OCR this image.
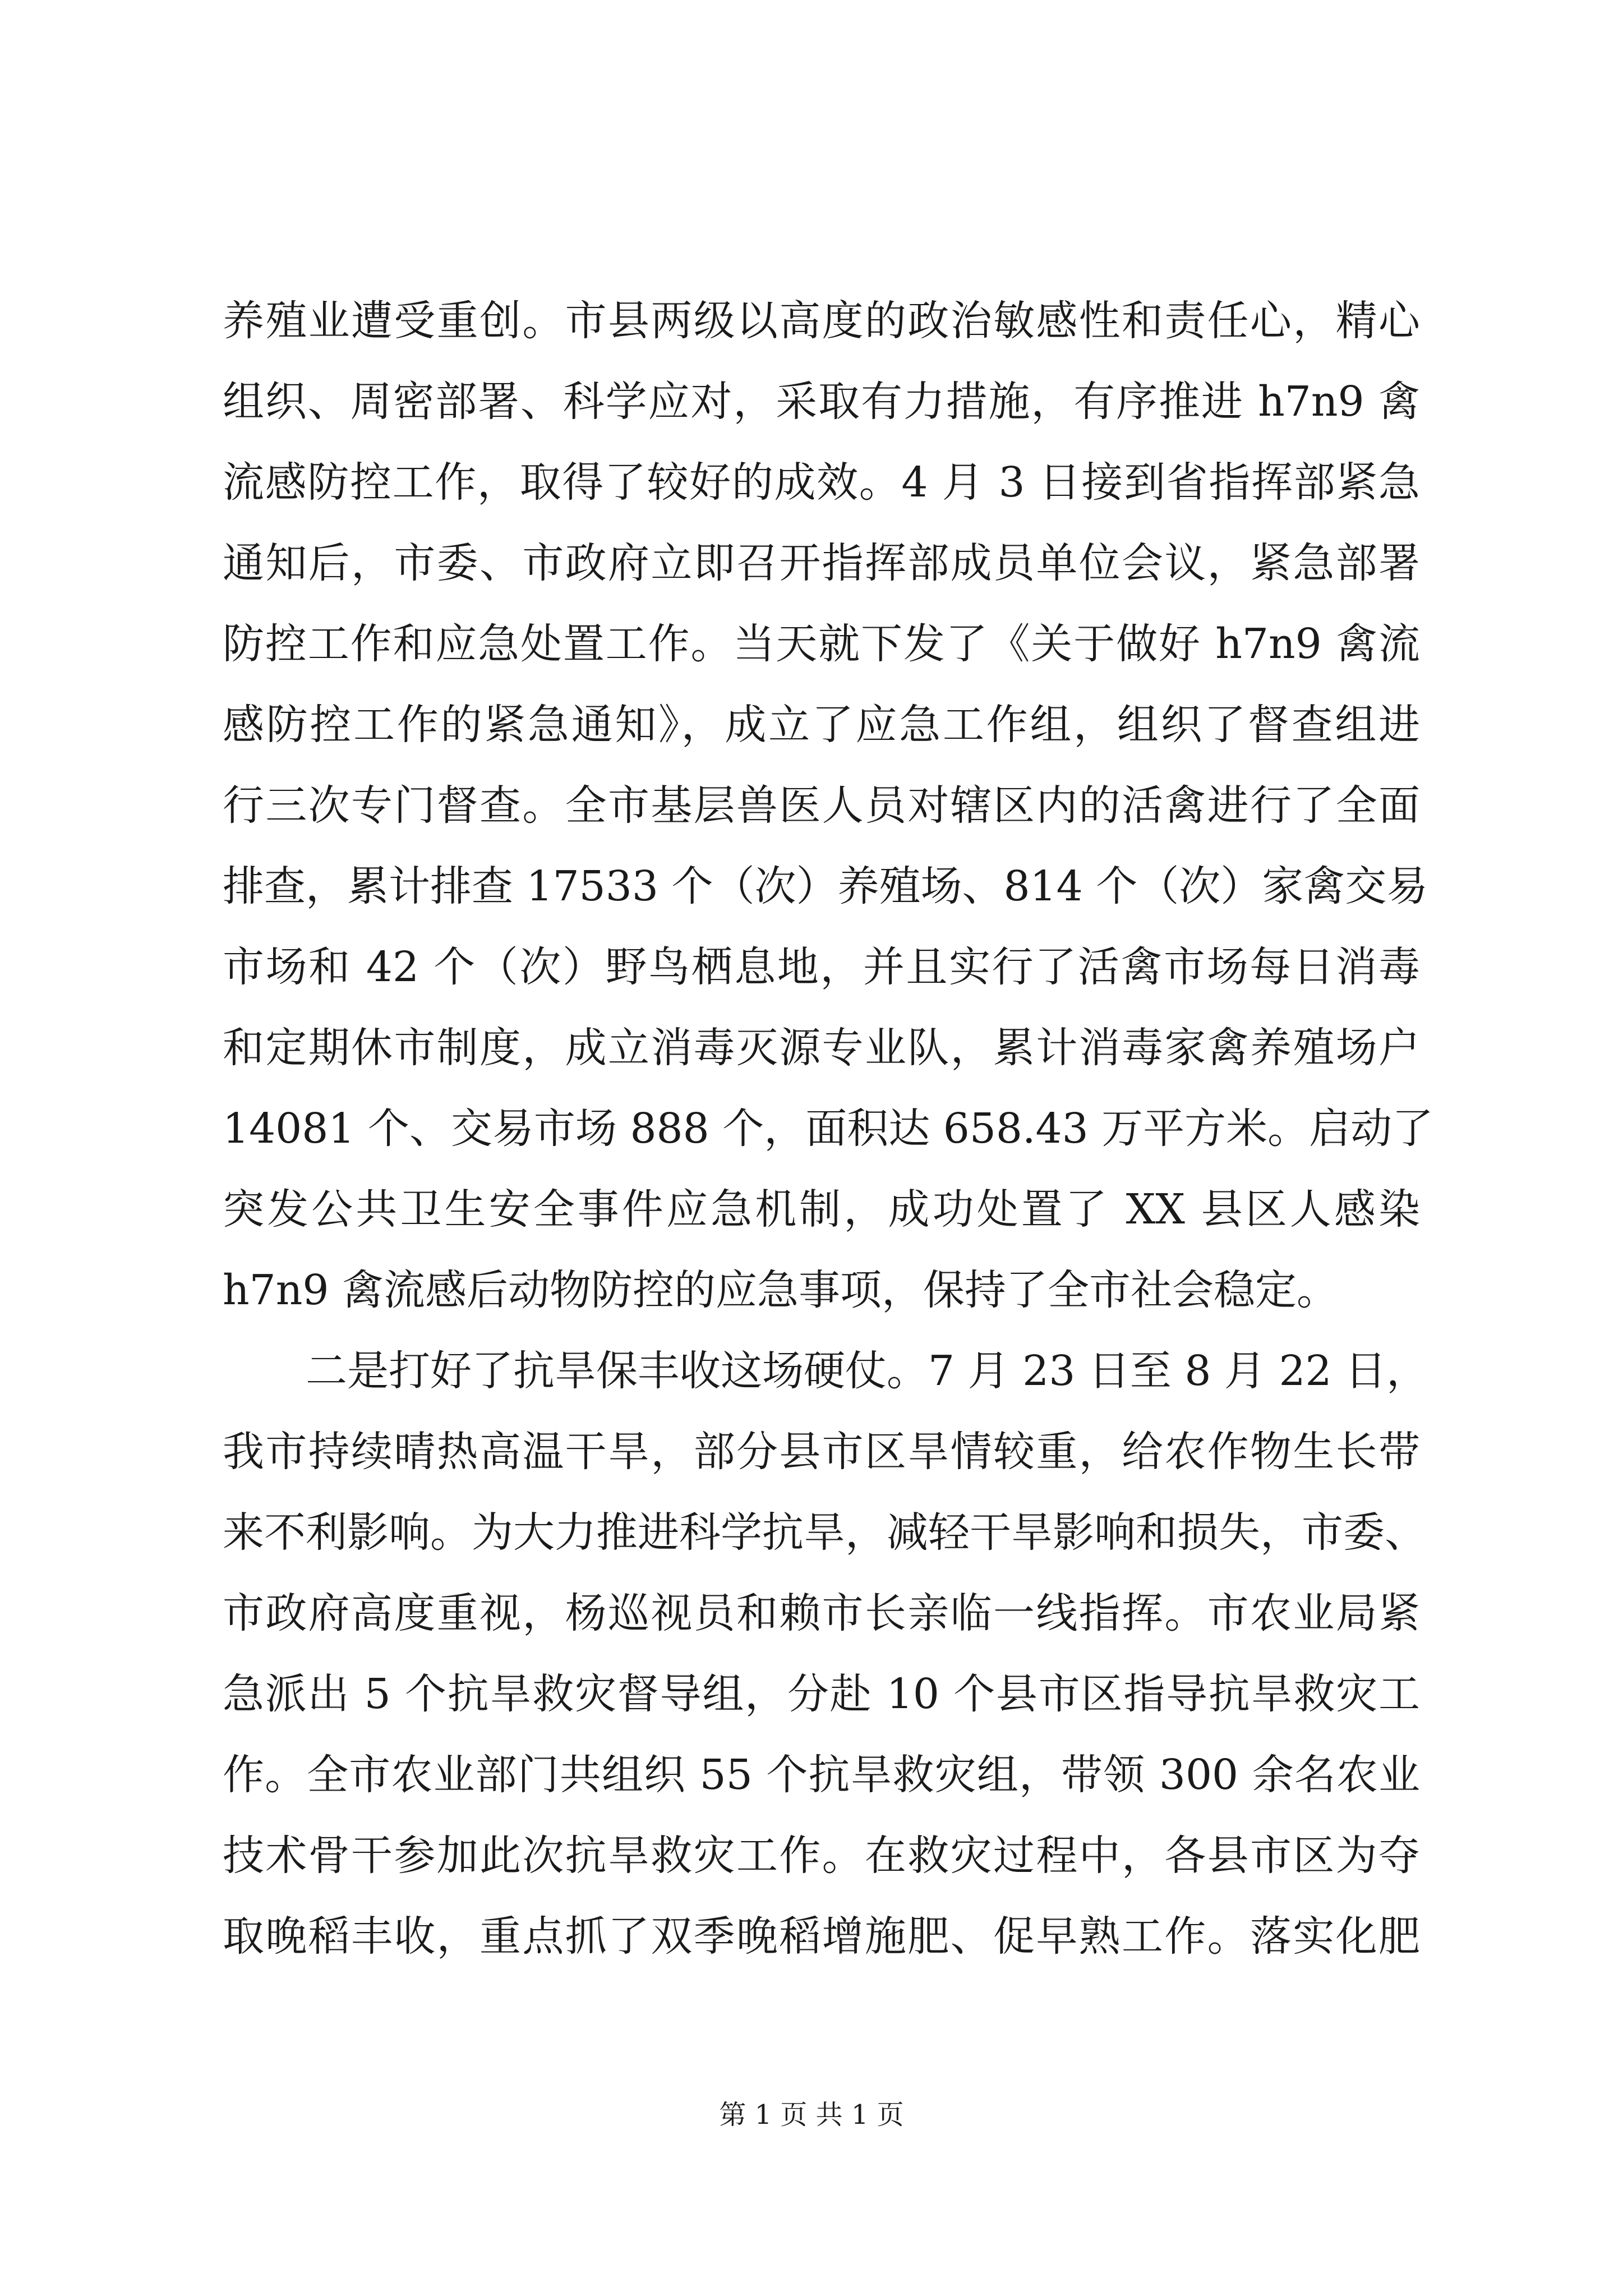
养殖业遭受重创。市县两级以高度的政治敏感性和责任心，精心
组织、周密部署、科学应对，采取有力措施，有序推进 h7n9 禽
流感防控工作，取得了较好的成效。4 月 3 日接到省指挥部紧急
通知后，市委、市政府立即召开指挥部成员单位会议，紧急部署
防控工作和应急处置工作。当天就下发了《关于做好 h7n9 禽流
感防控工作的紧急通知》，成立了应急工作组，组织了督查组进
行三次专门督查。全市基层兽医人员对辖区内的活禽进行了全面
排查，累计排查 17533 个（次）养殖场、814 个（次）家禽交易
市场和 42 个（次）野鸟栖息地，并且实行了活禽市场每日消毒
和定期休市制度，成立消毒灭源专业队，累计消毒家禽养殖场户
14081 个、交易市场 888 个，面积达 658.43 万平方米。启动了
突发公共卫生安全事件应急机制，成功处置了 XX 县区人感染
h7n9 禽流感后动物防控的应急事项，保持了全市社会稳定。
二是打好了抗旱保丰收这场硬仗。7 月 23 日至 8 月 22 日，
我市持续晴热高温干旱，部分县市区旱情较重，给农作物生长带
来不利影响。为大力推进科学抗旱，减轻干旱影响和损失，市委、
市政府高度重视，杨巡视员和赖市长亲临一线指挥。市农业局紧
急派出 5 个抗旱救灾督导组，分赴 10 个县市区指导抗旱救灾工
作。全市农业部门共组织 55 个抗旱救灾组，带领 300 余名农业
技术骨干参加此次抗旱救灾工作。在救灾过程中，各县市区为夺
取晚稻丰收，重点抓了双季晚稻增施肥、促早熟工作。落实化肥
第 1 页 共 1 页
